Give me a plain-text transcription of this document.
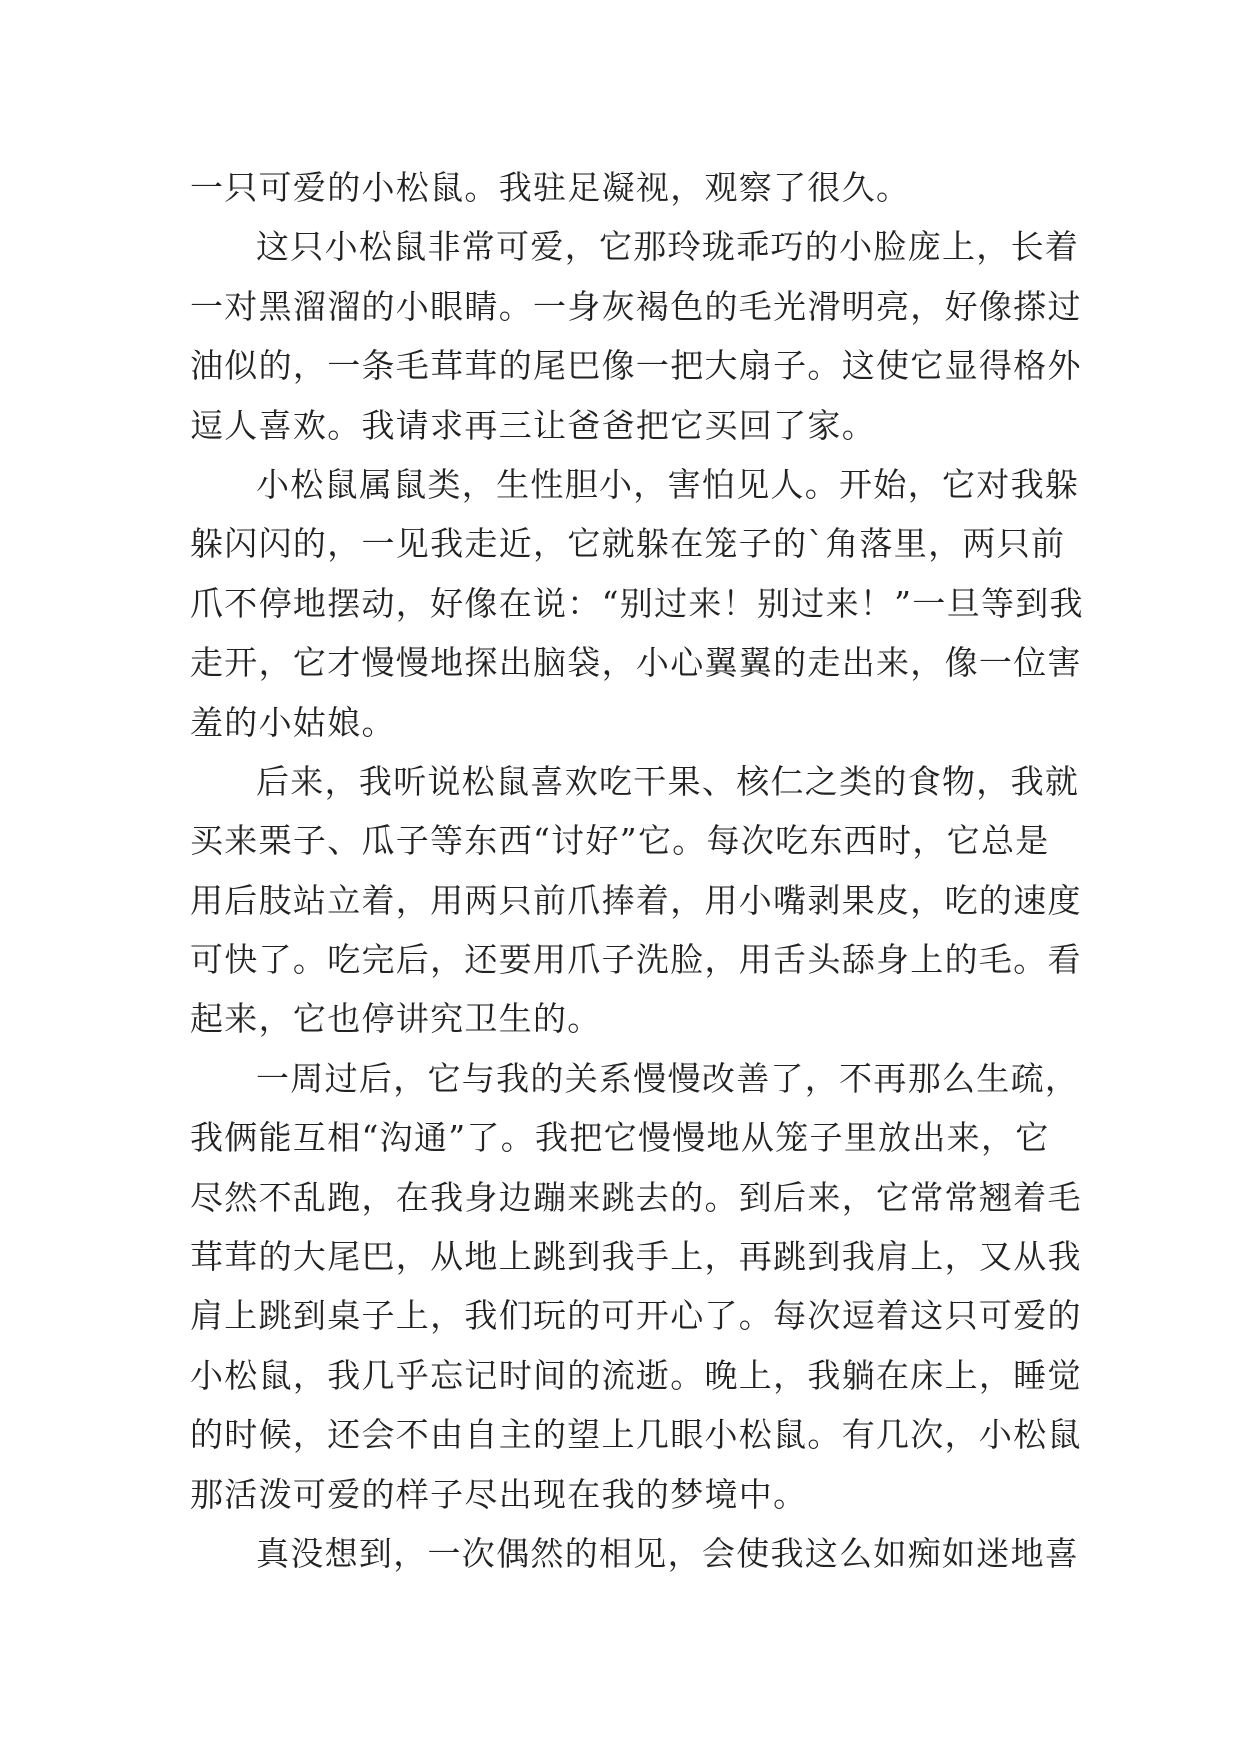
一只可爱的小松鼠。我驻足凝视，观察了很久。
这只小松鼠非常可爱，它那玲珑乖巧的小脸庞上，长着
一对黑溜溜的小眼睛。一身灰褐色的毛光滑明亮，好像搽过
油似的，一条毛茸茸的尾巴像一把大扇子。这使它显得格外
逗人喜欢。我请求再三让爸爸把它买回了家。
小松鼠属鼠类，生性胆小，害怕见人。开始，它对我躲
躲闪闪的，一见我走近，它就躲在笼子的`角落里，两只前
爪不停地摆动，好像在说：“别过来！别过来！”一旦等到我
走开，它才慢慢地探出脑袋，小心翼翼的走出来，像一位害
羞的小姑娘。
后来，我听说松鼠喜欢吃干果、核仁之类的食物，我就
买来栗子、瓜子等东西“讨好”它。每次吃东西时，它总是
用后肢站立着，用两只前爪捧着，用小嘴剥果皮，吃的速度
可快了。吃完后，还要用爪子洗脸，用舌头舔身上的毛。看
起来，它也停讲究卫生的。
一周过后，它与我的关系慢慢改善了，不再那么生疏，
我俩能互相“沟通”了。我把它慢慢地从笼子里放出来，它
尽然不乱跑，在我身边蹦来跳去的。到后来，它常常翘着毛
茸茸的大尾巴，从地上跳到我手上，再跳到我肩上，又从我
肩上跳到桌子上，我们玩的可开心了。每次逗着这只可爱的
小松鼠，我几乎忘记时间的流逝。晚上，我躺在床上，睡觉
的时候，还会不由自主的望上几眼小松鼠。有几次，小松鼠
那活泼可爱的样子尽出现在我的梦境中。
真没想到，一次偶然的相见，会使我这么如痴如迷地喜
